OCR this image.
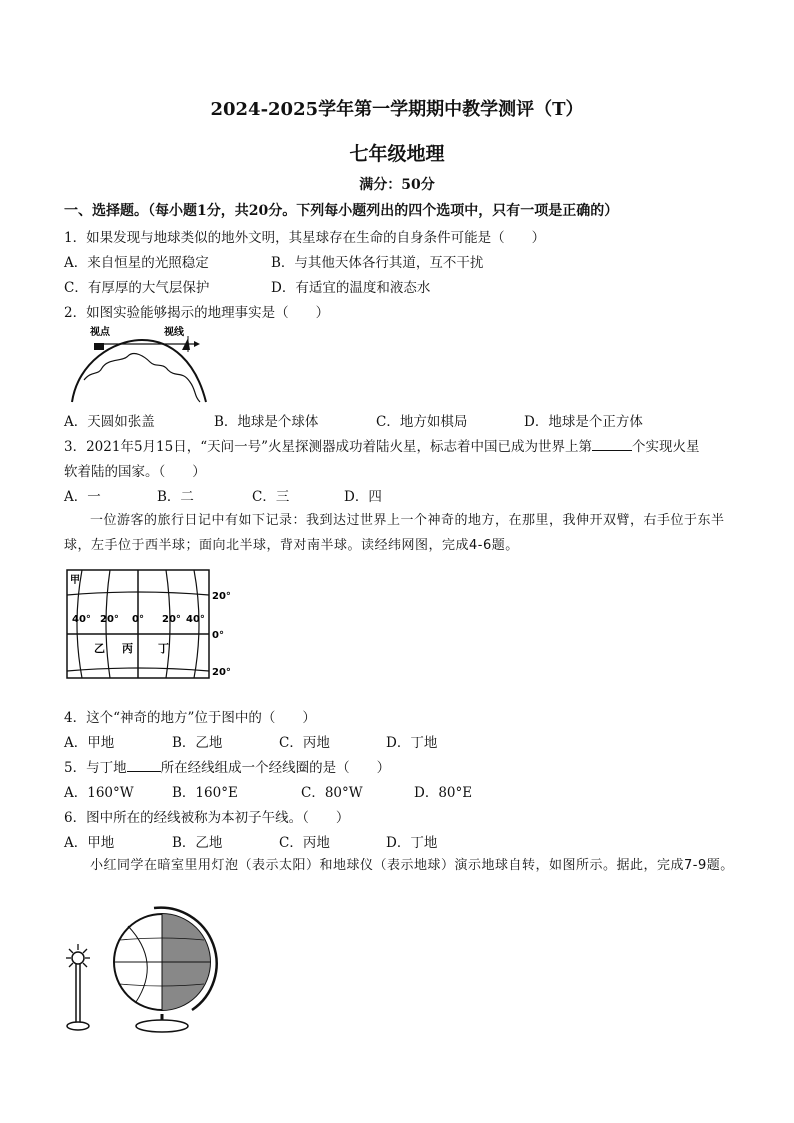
2024-2025学年第一学期期中教学测评（T）
七年级地理
满分：50分
一、选择题。（每小题1分，共20分。下列每小题列出的四个选项中，只有一项是正确的）
1．如果发现与地球类似的地外文明，其星球存在生命的自身条件可能是（　　）
A．来自恒星的光照稳定	B．与其他天体各行其道，互不干扰
C．有厚厚的大气层保护	D．有适宜的温度和液态水
2．如图实验能够揭示的地理事实是（　　）
视点	视线
A．天圆如张盖	B．地球是个球体	C．地方如棋局	D．地球是个正方体
3．2021年5月15日，“天问一号”火星探测器成功着陆火星，标志着中国已成为世界上第	个实现火星
软着陆的国家。（　　）
A．一	B．二	C．三	D．四
一位游客的旅行日记中有如下记录：我到达过世界上一个神奇的地方，在那里，我伸开双臂，右手位于东半球，左手位于西半球；面向北半球，背对南半球。读经纬网图，完成4-6题。
甲
40° 20° 0° 20° 40°
乙 丙 丁
20°
0°
20°
4．这个“神奇的地方”位于图中的（　　）
A．甲地	B．乙地	C．丙地	D．丁地
5．与丁地	所在经线组成一个经线圈的是（　　）
A．160°W	B．160°E	C．80°W	D．80°E
6．图中所在的经线被称为本初子午线。（　　）
A．甲地	B．乙地	C．丙地	D．丁地
小红同学在暗室里用灯泡（表示太阳）和地球仪（表示地球）演示地球自转，如图所示。据此，完成7-9题。
